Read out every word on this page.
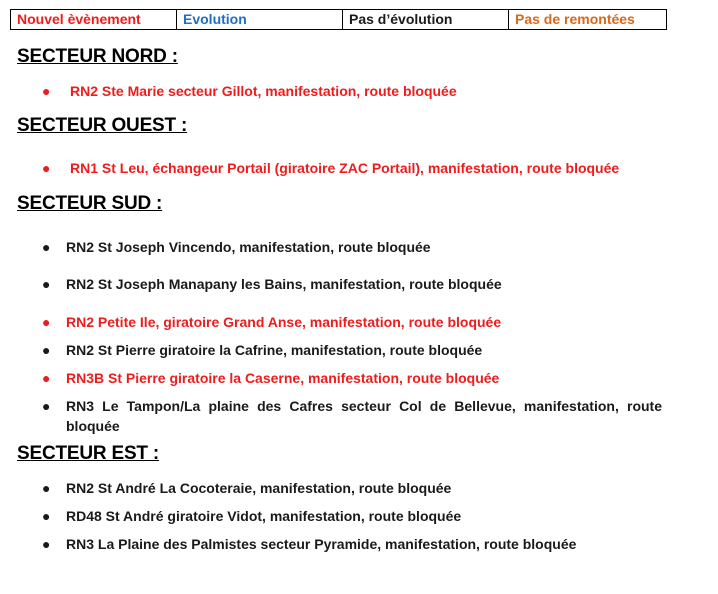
Nouvel èvènement	Evolution	Pas d’évolution	Pas de remontées
SECTEUR NORD :
●	RN2 Ste Marie secteur Gillot, manifestation, route bloquée
SECTEUR OUEST :
●	RN1 St Leu, échangeur Portail (giratoire ZAC Portail), manifestation, route bloquée
SECTEUR SUD :
●	RN2 St Joseph Vincendo, manifestation, route bloquée
●	RN2 St Joseph Manapany les Bains, manifestation, route bloquée
●	RN2 Petite Ile, giratoire Grand Anse, manifestation, route bloquée
●	RN2 St Pierre giratoire la Cafrine, manifestation, route bloquée
●	RN3B St Pierre giratoire la Caserne, manifestation, route bloquée
●	RN3 Le Tampon/La plaine des Cafres secteur Col de Bellevue, manifestation, route bloquée
SECTEUR EST :
●	RN2 St André La Cocoteraie, manifestation, route bloquée
●	RD48 St André giratoire Vidot, manifestation, route bloquée
●	RN3 La Plaine des Palmistes secteur Pyramide, manifestation, route bloquée
